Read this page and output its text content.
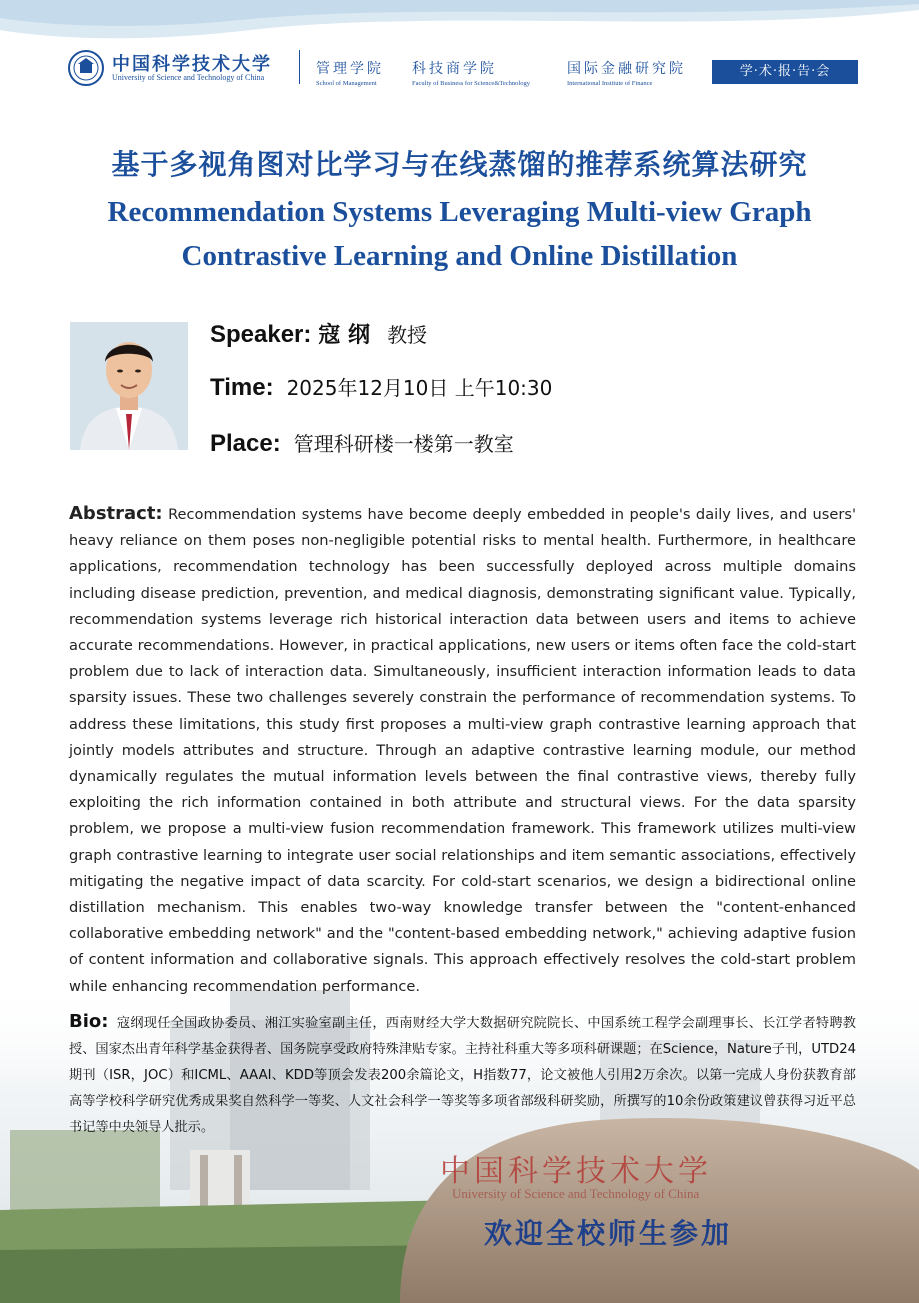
中国科学技术大学
University of Science and Technology of China
管理学院
School of Management
科技商学院
Faculty of Business for Science&Technology
国际金融研究院
International Institute of Finance
学·术·报·告·会
基于多视角图对比学习与在线蒸馏的推荐系统算法研究
Recommendation Systems Leveraging Multi-view Graph Contrastive Learning and Online Distillation
Speaker: 寇 纲 教授
Time: 2025年12月10日 上午10:30
Place: 管理科研楼一楼第一教室
中国科学技术大学
University of Science and Technology of China
Abstract: Recommendation systems have become deeply embedded in people's daily lives, and users' heavy reliance on them poses non-negligible potential risks to mental health. Furthermore, in healthcare applications, recommendation technology has been successfully deployed across multiple domains including disease prediction, prevention, and medical diagnosis, demonstrating significant value. Typically, recommendation systems leverage rich historical interaction data between users and items to achieve accurate recommendations. However, in practical applications, new users or items often face the cold-start problem due to lack of interaction data. Simultaneously, insufficient interaction information leads to data sparsity issues. These two challenges severely constrain the performance of recommendation systems. To address these limitations, this study first proposes a multi-view graph contrastive learning approach that jointly models attributes and structure. Through an adaptive contrastive learning module, our method dynamically regulates the mutual information levels between the final contrastive views, thereby fully exploiting the rich information contained in both attribute and structural views. For the data sparsity problem, we propose a multi-view fusion recommendation framework. This framework utilizes multi-view graph contrastive learning to integrate user social relationships and item semantic associations, effectively mitigating the negative impact of data scarcity. For cold-start scenarios, we design a bidirectional online distillation mechanism. This enables two-way knowledge transfer between the "content-enhanced collaborative embedding network" and the "content-based embedding network," achieving adaptive fusion of content information and collaborative signals. This approach effectively resolves the cold-start problem while enhancing recommendation performance.
Bio: 寇纲现任全国政协委员、湘江实验室副主任，西南财经大学大数据研究院院长、中国系统工程学会副理事长、长江学者特聘教授、国家杰出青年科学基金获得者、国务院享受政府特殊津贴专家。主持社科重大等多项科研课题；在Science，Nature子刊，UTD24期刊（ISR，JOC）和ICML、AAAI、KDD等顶会发表200余篇论文，H指数77，论文被他人引用2万余次。以第一完成人身份获教育部高等学校科学研究优秀成果奖自然科学一等奖、人文社会科学一等奖等多项省部级科研奖励，所撰写的10余份政策建议曾获得习近平总书记等中央领导人批示。
欢迎全校师生参加
